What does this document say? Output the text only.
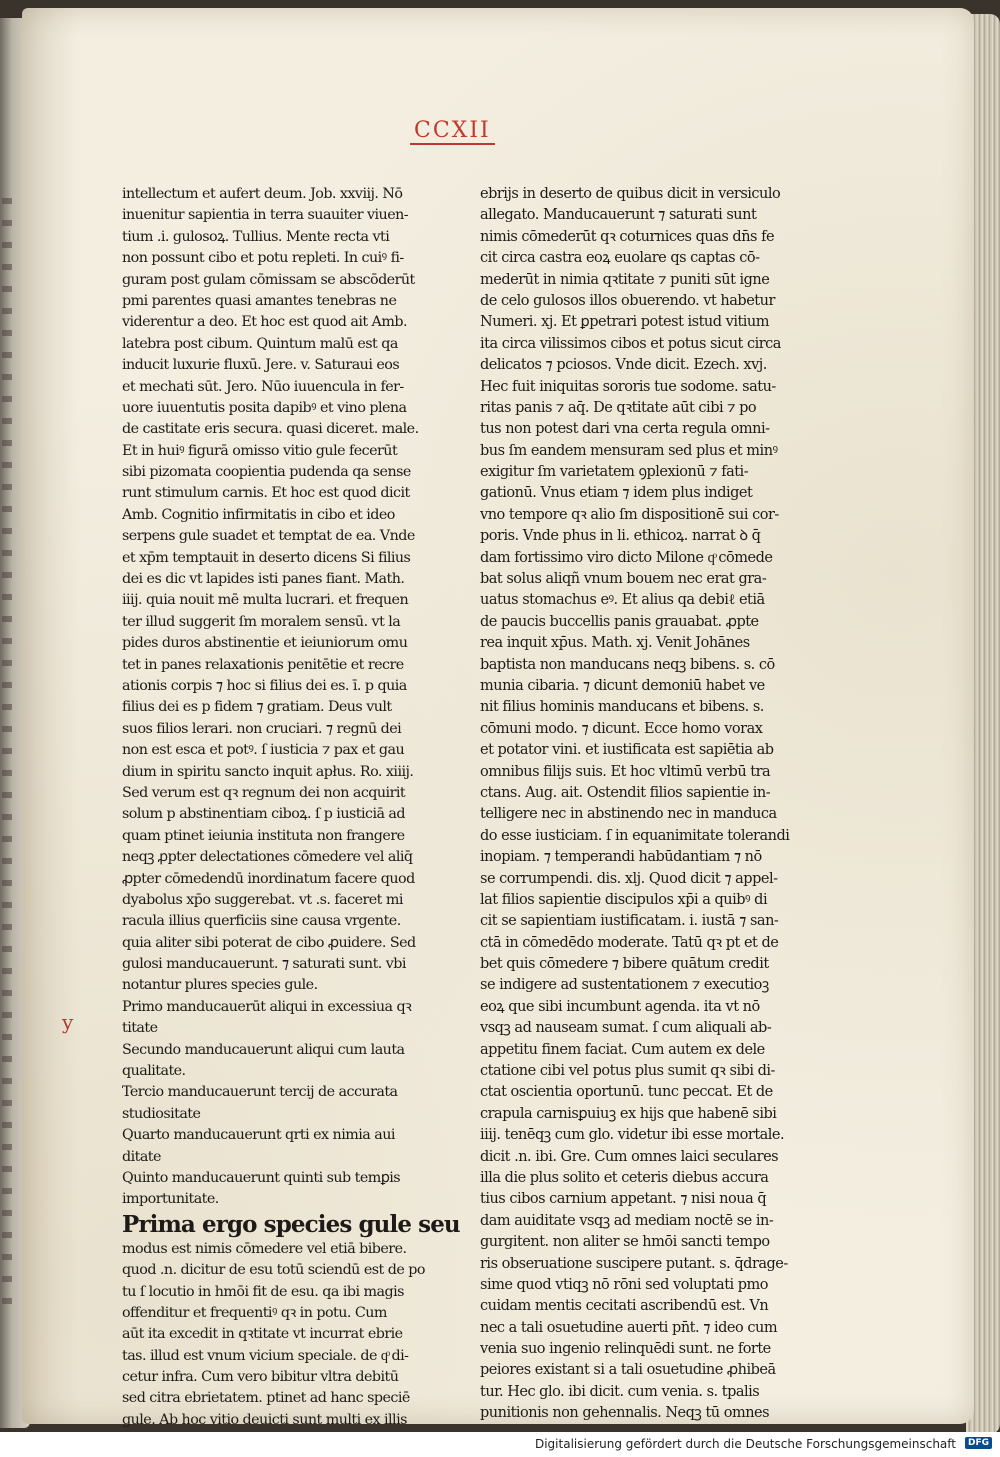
CCXII
intellectum et aufert deum. Job. xxviij. Nō
inuenitur sapientia in terra suauiter viuen-
tium .i. gulosoꝝ. Tullius. Mente recta vti
non possunt cibo et potu repleti. In cuiꝰ fi-
guram post gulam cōmissam se abscōderūt
pmi parentes quasi amantes tenebras ne
viderentur a deo. Et hoc est quod ait Amb.
latebra post cibum. Quintum malū est qa
inducit luxurie fluxū. Jere. v. Saturaui eos
et mechati sūt. Jero. Nūo iuuencula in fer-
uore iuuentutis posita dapibꝰ et vino plena
de castitate eris secura. quasi diceret. male.
Et in huiꝰ figurā omisso vitio gule fecerūt
sibi pizomata coopientia pudenda qa sense
runt stimulum carnis. Et hoc est quod dicit
Amb. Cognitio infirmitatis in cibo et ideo
serpens gule suadet et temptat de ea. Vnde
et xp̄m temptauit in deserto dicens Si filius
dei es dic vt lapides isti panes fiant. Math.
iiij. quia nouit mē multa lucrari. et frequen
ter illud suggerit ſm moralem sensū. vt la
pides duros abstinentie et ieiuniorum omu
tet in panes relaxationis penitētie et recre
ationis corpis ⁊ hoc si filius dei es. ī. p quia
filius dei es p fidem ⁊ gratiam. Deus vult
suos filios lerari. non cruciari. ⁊ regnū dei
non est esca et potꝰ. ſ iusticia ⁊ pax et gau
dium in spiritu sancto inquit apłus. Ro. xiiij.
Sed verum est qꝛ regnum dei non acquirit
solum p abstinentiam ciboꝝ. ſ p iusticiā ad
quam ptinet ieiunia instituta non frangere
neqꝫ ꝓpter delectationes cōmedere vel aliq̄
ꝓpter cōmedendū inordinatum facere quod
dyabolus xp̄o suggerebat. vt .s. faceret mi
racula illius querficiis sine causa vrgente.
quia aliter sibi poterat de cibo ꝓuidere. Sed
gulosi manducauerunt. ⁊ saturati sunt. vbi
notantur plures species gule.
Primo manducauerūt aliqui in excessiua qꝛ
titate
Secundo manducauerunt aliqui cum lauta
qualitate.
Tercio manducauerunt tercij de accurata
studiositate
Quarto manducauerunt qrti ex nimia aui
ditate
Quinto manducauerunt quinti sub temꝑis
importunitate.
Prima ergo species gule seu
modus est nimis cōmedere vel etiā bibere.
quod .n. dicitur de esu totū sciendū est de po
tu ſ locutio in hmōi fit de esu. qa ibi magis
offenditur et frequentiꝰ qꝛ in potu. Cum
aūt ita excedit in qꝛtitate vt incurrat ebrie
tas. illud est vnum vicium speciale. de qͦ di-
cetur infra. Cum vero bibitur vltra debitū
sed citra ebrietatem. ptinet ad hanc speciē
gule. Ab hoc vitio deuicti sunt multi ex illis
ebrijs in deserto de quibus dicit in versiculo
allegato. Manducauerunt ⁊ saturati sunt
nimis cōmederūt qꝛ coturnices quas dn̄s fe
cit circa castra eoꝝ euolare qs captas cō-
mederūt in nimia qꝛtitate ⁊ puniti sūt igne
de celo gulosos illos obuerendo. vt habetur
Numeri. xj. Et ꝑpetrari potest istud vitium
ita circa vilissimos cibos et potus sicut circa
delicatos ⁊ pciosos. Vnde dicit. Ezech. xvj.
Hec fuit iniquitas sororis tue sodome. satu-
ritas panis ⁊ aq̄. De qꝛtitate aūt cibi ⁊ po
tus non potest dari vna certa regula omni-
bus ſm eandem mensuram sed plus et minꝰ
exigitur ſm varietatem ꝯplexionū ⁊ fati-
gationū. Vnus etiam ⁊ idem plus indiget
vno tempore qꝛ alio ſm dispositionē sui cor-
poris. Vnde phus in li. ethicoꝝ. narrat ꝺ q̄
dam fortissimo viro dicto Milone qͦ cōmede
bat solus aliqñ vnum bouem nec erat gra-
uatus stomachus eꝰ. Et alius qa debiℓ etiā
de paucis buccellis panis grauabat. ꝓpte
rea inquit xp̄us. Math. xj. Venit Johānes
baptista non manducans neqꝫ bibens. s. cō
munia cibaria. ⁊ dicunt demoniū habet ve
nit filius hominis manducans et bibens. s.
cōmuni modo. ⁊ dicunt. Ecce homo vorax
et potator vini. et iustificata est sapiētia ab
omnibus filijs suis. Et hoc vltimū verbū tra
ctans. Aug. ait. Ostendit filios sapientie in-
telligere nec in abstinendo nec in manduca
do esse iusticiam. ſ in equanimitate tolerandi
inopiam. ⁊ temperandi habūdantiam ⁊ nō
se corrumpendi. dis. xlj. Quod dicit ⁊ appel-
lat filios sapientie discipulos xp̄i a quibꝰ di
cit se sapientiam iustificatam. i. iustā ⁊ san-
ctā in cōmedēdo moderate. Tatū qꝛ pt et de
bet quis cōmedere ⁊ bibere quātum credit
se indigere ad sustentationem ⁊ executioꝫ
eoꝝ que sibi incumbunt agenda. ita vt nō
vsqꝫ ad nauseam sumat. ſ cum aliquali ab-
appetitu finem faciat. Cum autem ex dele
ctatione cibi vel potus plus sumit qꝛ sibi di-
ctat oscientia oportunū. tunc peccat. Et de
crapula carnisꝑuiuꝫ ex hijs que habenē sibi
iiij. tenēqꝫ cum glo. videtur ibi esse mortale.
dicit .n. ibi. Gre. Cum omnes laici seculares
illa die plus solito et ceteris diebus accura
tius cibos carnium appetant. ⁊ nisi noua q̄
dam auiditate vsqꝫ ad mediam noctē se in-
gurgitent. non aliter se hmōi sancti tempo
ris obseruatione suscipere putant. s. q̄drage-
sime quod vtiqꝫ nō rōni sed voluptati pmo
cuidam mentis cecitati ascribendū est. Vn
nec a tali osuetudine auerti pn̄t. ⁊ ideo cum
venia suo ingenio relinquēdi sunt. ne forte
peiores existant si a tali osuetudine ꝓhibeā
tur. Hec glo. ibi dicit. cum venia. s. tpalis
punitionis non gehennalis. Neqꝫ tū omnes
y
Digitalisierung gefördert durch die Deutsche Forschungsgemeinschaft	DFG
